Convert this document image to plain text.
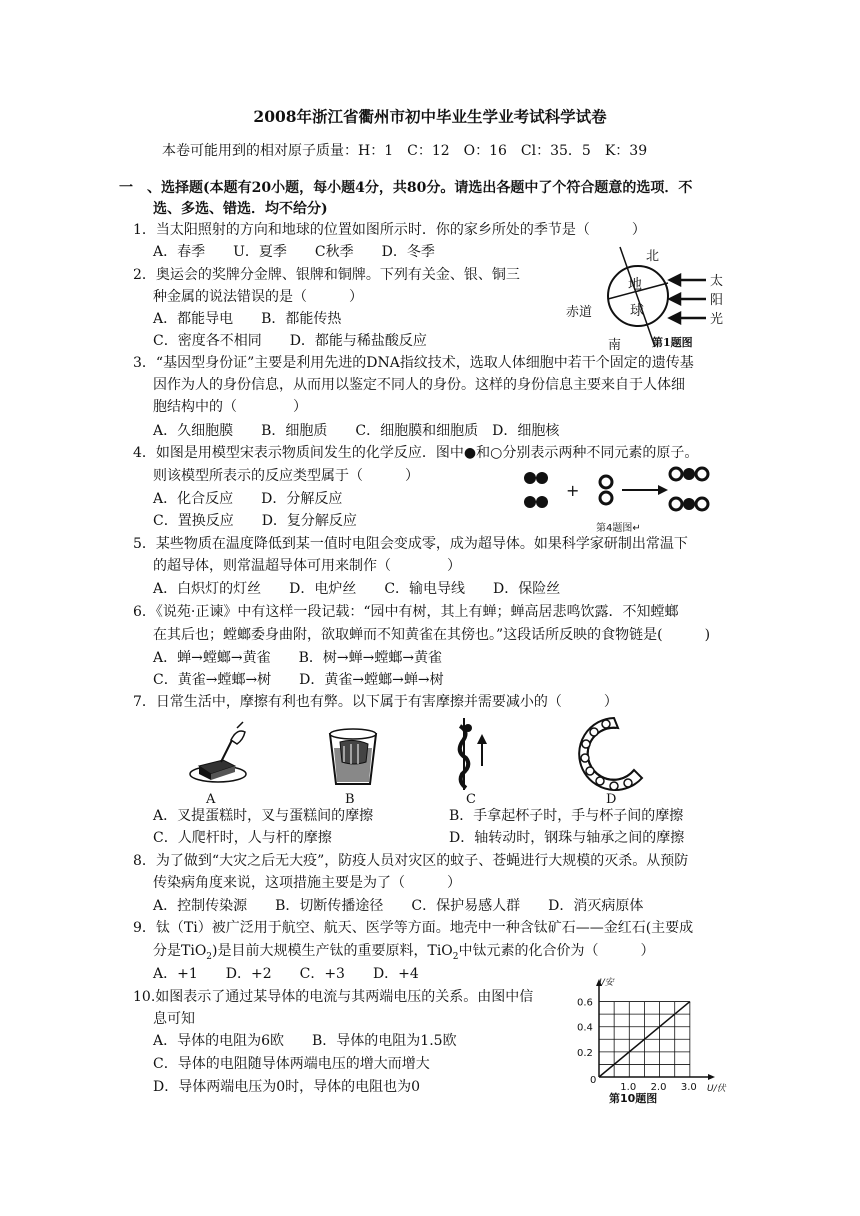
2008年浙江省衢州市初中毕业生学业考试科学试卷
本卷可能用到的相对原子质量：H：1　C：12　O：16　Cl：35．5　K：39
一　、选择题(本题有20小题，每小题4分，共80分。请选出各题中了个符合题意的选项．不
选、多选、错选．均不给分)
1．当太阳照射的方向和地球的位置如图所示时．你的家乡所处的季节是（　　　）
A．春季　　U．夏季　　C秋季　　D．冬季	北
南
赤道
地
球
太
阳
光
第1题图
2．奥运会的奖牌分金牌、银牌和铜牌。下列有关金、银、铜三
种金属的说法错误的是（　　　）
A．都能导电　　B．都能传热
C．密度各不相同　　D．都能与稀盐酸反应
3．“基因型身份证”主要是利用先进的DNA指纹技术，选取人体细胞中若干个固定的遗传基
因作为人的身份信息，从而用以鉴定不同人的身份。这样的身份信息主要来自于人体细
胞结构中的（　　　　）
A．久细胞膜　　B．细胞质　　C．细胞膜和细胞质　D．细胞核
4．如图是用模型宋表示物质间发生的化学反应．图中●和○分别表示两种不同元素的原子。
则该模型所表示的反应类型属于（　　　）
A．化合反应　　D．分解反应
C．置换反应　　D．复分解反应
+
第4题图↵
5．某些物质在温度降低到某一值时电阻会变成零，成为超导体。如果科学家研制出常温下
的超导体，则常温超导体可用来制作（　　　　）
A．白炽灯的灯丝　　D．电炉丝　　C．输电导线　　D．保险丝
6．《说苑·正谏》中有这样一段记载：“园中有树，其上有蝉；蝉高居悲鸣饮露．不知螳螂
在其后也；螳螂委身曲附，欲取蝉而不知黄雀在其傍也。”这段话所反映的食物链是(　　　)
A．蝉→螳螂→黄雀　　B．树→蝉→螳螂→黄雀
C．黄雀→螳螂→树　　D．黄雀→螳螂→蝉→树
7．日常生活中，摩擦有利也有弊。以下属于有害摩擦并需要减小的（　　　）
A	B	C	D
A．叉提蛋糕时，叉与蛋糕间的摩擦	B．手拿起杯子时，手与杯子间的摩擦
C．人爬杆时，人与杆的摩擦	D．轴转动时，钢珠与轴承之间的摩擦
8．为了做到“大灾之后无大疫”，防疫人员对灾区的蚊子、苍蝇进行大规模的灭杀。从预防
传染病角度来说，这项措施主要是为了（　　　）
A．控制传染源　　B．切断传播途径　　C．保护易感人群　　D．消灭病原体
9．钛（Ti）被广泛用于航空、航天、医学等方面。地壳中一种含钛矿石——金红石(主要成
分是TiO$_2$)是目前大规模生产钛的重要原料，TiO$_2$中钛元素的化合价为（　　　）
A．+1　　D．+2　　C．+3　　D．+4
10.如图表示了通过某导体的电流与其两端电压的关系。由图中信
息可知
A．导体的电阻为6欧　　B．导体的电阻为1.5欧
C．导体的电阻随导体两端电压的增大而增大
D．导体两端电压为0时，导体的电阻也为0	1.0 2.0 3.0
0.2
0.4
0.6
I/安
U/伏
0
第10题图
